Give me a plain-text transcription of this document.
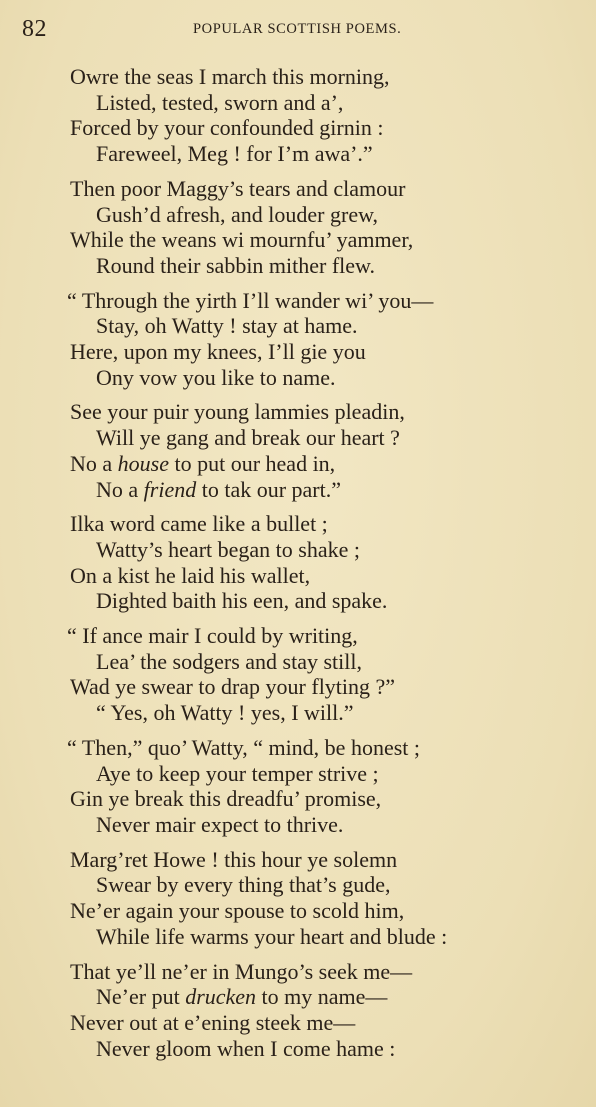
82	POPULAR SCOTTISH POEMS.
Owre the seas I march this morning,
Listed, tested, sworn and a’,
Forced by your confounded girnin :
Fareweel, Meg ! for I’m awa’.”
Then poor Maggy’s tears and clamour
Gush’d afresh, and louder grew,
While the weans wi mournfu’ yammer,
Round their sabbin mither flew.
“ Through the yirth I’ll wander wi’ you—
Stay, oh Watty ! stay at hame.
Here, upon my knees, I’ll gie you
Ony vow you like to name.
See your puir young lammies pleadin,
Will ye gang and break our heart ?
No a house to put our head in,
No a friend to tak our part.”
Ilka word came like a bullet ;
Watty’s heart began to shake ;
On a kist he laid his wallet,
Dighted baith his een, and spake.
“ If ance mair I could by writing,
Lea’ the sodgers and stay still,
Wad ye swear to drap your flyting ?”
“ Yes, oh Watty ! yes, I will.”
“ Then,” quo’ Watty, “ mind, be honest ;
Aye to keep your temper strive ;
Gin ye break this dreadfu’ promise,
Never mair expect to thrive.
Marg’ret Howe ! this hour ye solemn
Swear by every thing that’s gude,
Ne’er again your spouse to scold him,
While life warms your heart and blude :
That ye’ll ne’er in Mungo’s seek me—
Ne’er put drucken to my name—
Never out at e’ening steek me—
Never gloom when I come hame :
